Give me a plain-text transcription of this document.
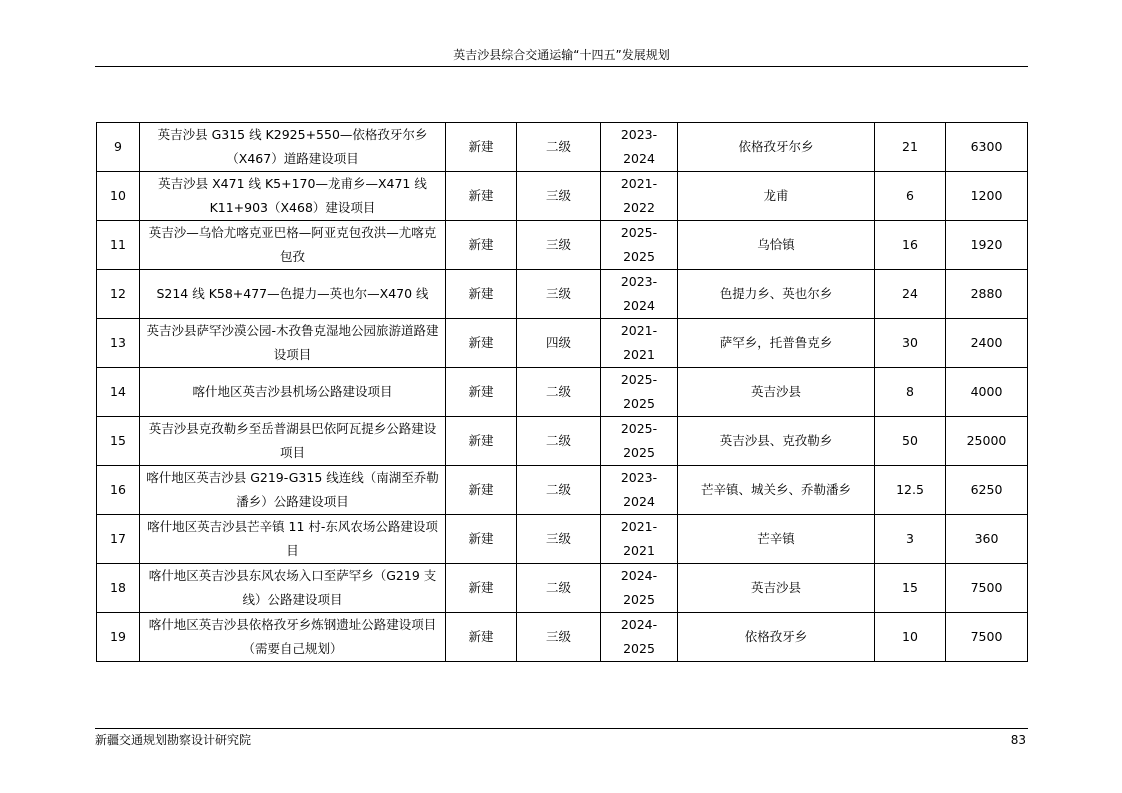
英吉沙县综合交通运输“十四五”发展规划
9	英吉沙县 G315 线 K2925+550—依格孜牙尔乡（X467）道路建设项目	新建	二级	2023-2024	依格孜牙尔乡	21	6300
10	英吉沙县 X471 线 K5+170—龙甫乡—X471 线 K11+903（X468）建设项目	新建	三级	2021-2022	龙甫	6	1200
11	英吉沙—乌恰尤喀克亚巴格—阿亚克包孜洪—尤喀克包孜	新建	三级	2025-2025	乌恰镇	16	1920
12	S214 线 K58+477—色提力—英也尔—X470 线	新建	三级	2023-2024	色提力乡、英也尔乡	24	2880
13	英吉沙县萨罕沙漠公园-木孜鲁克湿地公园旅游道路建设项目	新建	四级	2021-2021	萨罕乡，托普鲁克乡	30	2400
14	喀什地区英吉沙县机场公路建设项目	新建	二级	2025-2025	英吉沙县	8	4000
15	英吉沙县克孜勒乡至岳普湖县巴依阿瓦提乡公路建设项目	新建	二级	2025-2025	英吉沙县、克孜勒乡	50	25000
16	喀什地区英吉沙县 G219-G315 线连线（南湖至乔勒潘乡）公路建设项目	新建	二级	2023-2024	芒辛镇、城关乡、乔勒潘乡	12.5	6250
17	喀什地区英吉沙县芒辛镇 11 村-东风农场公路建设项目	新建	三级	2021-2021	芒辛镇	3	360
18	喀什地区英吉沙县东风农场入口至萨罕乡（G219 支线）公路建设项目	新建	二级	2024-2025	英吉沙县	15	7500
19	喀什地区英吉沙县依格孜牙乡炼钢遗址公路建设项目（需要自己规划）	新建	三级	2024-2025	依格孜牙乡	10	7500
新疆交通规划勘察设计研究院	83
